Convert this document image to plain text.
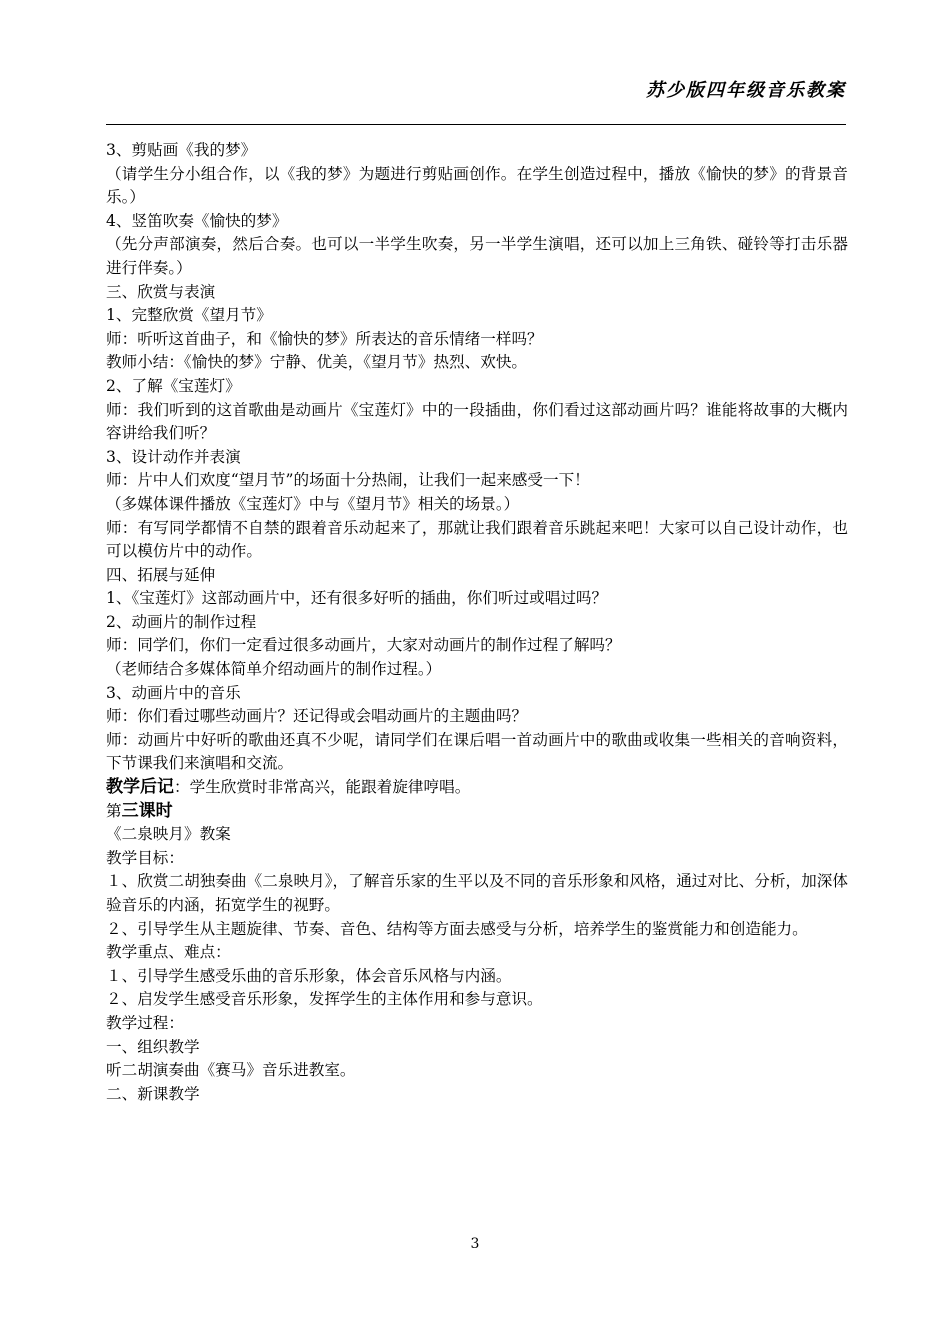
苏少版四年级音乐教案

3、剪贴画《我的梦》

（请学生分小组合作，以《我的梦》为题进行剪贴画创作。在学生创造过程中，播放《愉快的梦》的背景音乐。）

4、竖笛吹奏《愉快的梦》

（先分声部演奏，然后合奏。也可以一半学生吹奏，另一半学生演唱，还可以加上三角铁、碰铃等打击乐器进行伴奏。）

三、欣赏与表演

1、完整欣赏《望月节》

师：听听这首曲子，和《愉快的梦》所表达的音乐情绪一样吗？

教师小结：《愉快的梦》宁静、优美，《望月节》热烈、欢快。

2、了解《宝莲灯》

师：我们听到的这首歌曲是动画片《宝莲灯》中的一段插曲，你们看过这部动画片吗？谁能将故事的大概内容讲给我们听？

3、设计动作并表演

师：片中人们欢度“望月节”的场面十分热闹，让我们一起来感受一下！

（多媒体课件播放《宝莲灯》中与《望月节》相关的场景。）

师：有写同学都情不自禁的跟着音乐动起来了，那就让我们跟着音乐跳起来吧！大家可以自己设计动作，也可以模仿片中的动作。

四、拓展与延伸

1、《宝莲灯》这部动画片中，还有很多好听的插曲，你们听过或唱过吗？

2、动画片的制作过程

师：同学们，你们一定看过很多动画片，大家对动画片的制作过程了解吗？

（老师结合多媒体简单介绍动画片的制作过程。）

3、动画片中的音乐

师：你们看过哪些动画片？还记得或会唱动画片的主题曲吗？

师：动画片中好听的歌曲还真不少呢，请同学们在课后唱一首动画片中的歌曲或收集一些相关的音响资料，下节课我们来演唱和交流。

教学后记：学生欣赏时非常高兴，能跟着旋律哼唱。

第三课时

《二泉映月》教案

教学目标：

１、欣赏二胡独奏曲《二泉映月》，了解音乐家的生平以及不同的音乐形象和风格，通过对比、分析，加深体验音乐的内涵，拓宽学生的视野。

２、引导学生从主题旋律、节奏、音色、结构等方面去感受与分析，培养学生的鉴赏能力和创造能力。

教学重点、难点：

１、引导学生感受乐曲的音乐形象，体会音乐风格与内涵。

２、启发学生感受音乐形象，发挥学生的主体作用和参与意识。

教学过程：

一、组织教学

听二胡演奏曲《赛马》音乐进教室。

二、新课教学

3
